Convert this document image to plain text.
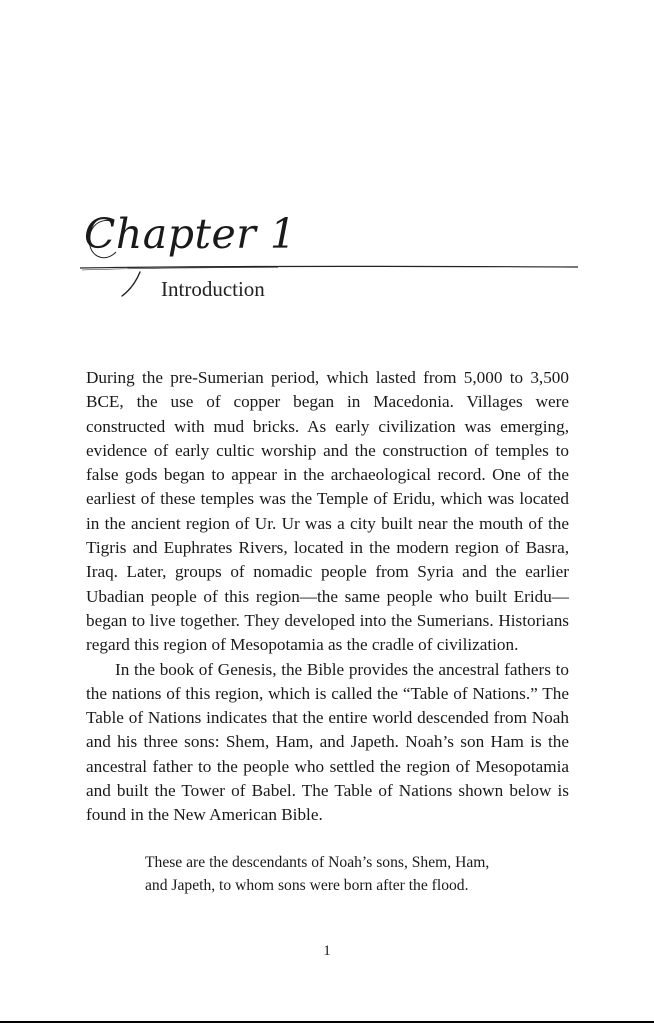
Chapter 1
Introduction

During the pre-Sumerian period, which lasted from 5,000 to 3,500 BCE, the use of copper began in Macedonia. Villages were constructed with mud bricks. As early civilization was emerging, evidence of early cultic worship and the construction of temples to false gods began to appear in the archaeological record. One of the earliest of these temples was the Temple of Eridu, which was located in the ancient region of Ur. Ur was a city built near the mouth of the Tigris and Euphrates Rivers, located in the modern region of Basra, Iraq. Later, groups of nomadic people from Syria and the earlier Ubadian people of this region—the same people who built Eridu—began to live together. They developed into the Sumerians. Historians regard this region of Mesopotamia as the cradle of civilization.

In the book of Genesis, the Bible provides the ancestral fathers to the nations of this region, which is called the “Table of Nations.” The Table of Nations indicates that the entire world descended from Noah and his three sons: Shem, Ham, and Japeth. Noah’s son Ham is the ancestral father to the people who settled the region of Mesopotamia and built the Tower of Babel. The Table of Nations shown below is found in the New American Bible.

These are the descendants of Noah’s sons, Shem, Ham,
and Japeth, to whom sons were born after the flood.
1
